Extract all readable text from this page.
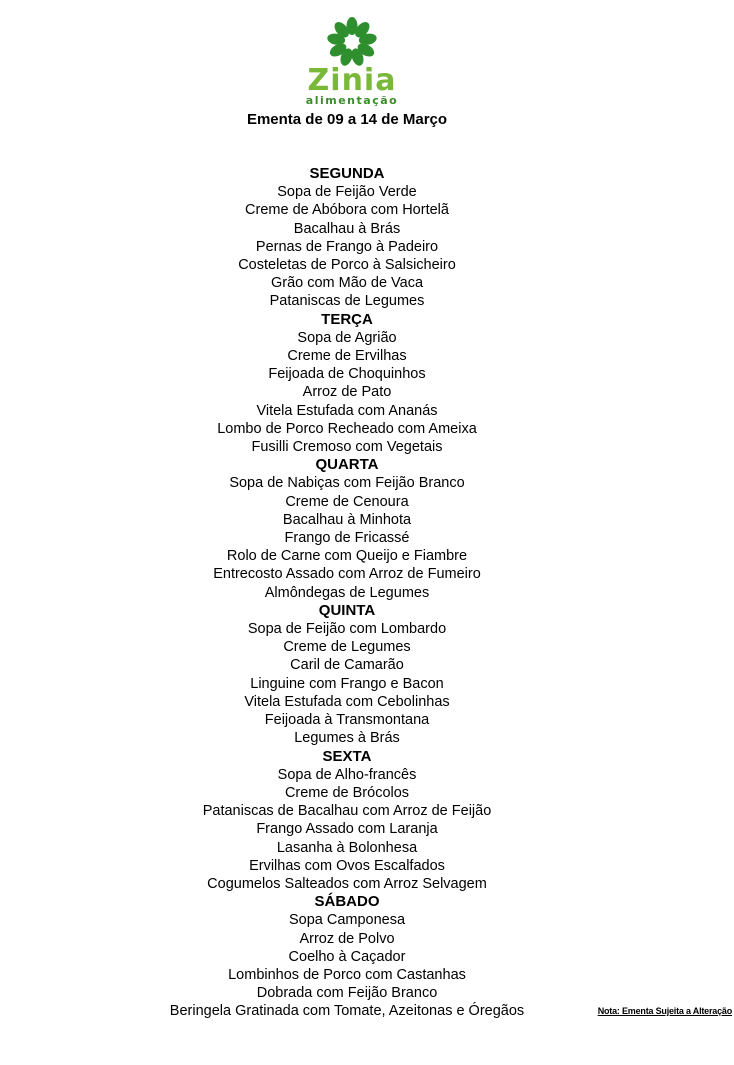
Zinia
alimentação
Ementa de 09 a 14 de Março
SEGUNDA
Sopa de Feijão Verde
Creme de Abóbora com Hortelã
Bacalhau à Brás
Pernas de Frango à Padeiro
Costeletas de Porco à Salsicheiro
Grão com Mão de Vaca
Pataniscas de Legumes
TERÇA
Sopa de Agrião
Creme de Ervilhas
Feijoada de Choquinhos
Arroz de Pato
Vitela Estufada com Ananás
Lombo de Porco Recheado com Ameixa
Fusilli Cremoso com Vegetais
QUARTA
Sopa de Nabiças com Feijão Branco
Creme de Cenoura
Bacalhau à Minhota
Frango de Fricassé
Rolo de Carne com Queijo e Fiambre
Entrecosto Assado com Arroz de Fumeiro
Almôndegas de Legumes
QUINTA
Sopa de Feijão com Lombardo
Creme de Legumes
Caril de Camarão
Linguine com Frango e Bacon
Vitela Estufada com Cebolinhas
Feijoada à Transmontana
Legumes à Brás
SEXTA
Sopa de Alho-francês
Creme de Brócolos
Pataniscas de Bacalhau com Arroz de Feijão
Frango Assado com Laranja
Lasanha à Bolonhesa
Ervilhas com Ovos Escalfados
Cogumelos Salteados com Arroz Selvagem
SÁBADO
Sopa Camponesa
Arroz de Polvo
Coelho à Caçador
Lombinhos de Porco com Castanhas
Dobrada com Feijão Branco
Beringela Gratinada com Tomate, Azeitonas e Óregãos	Nota: Ementa Sujeita a Alteração
